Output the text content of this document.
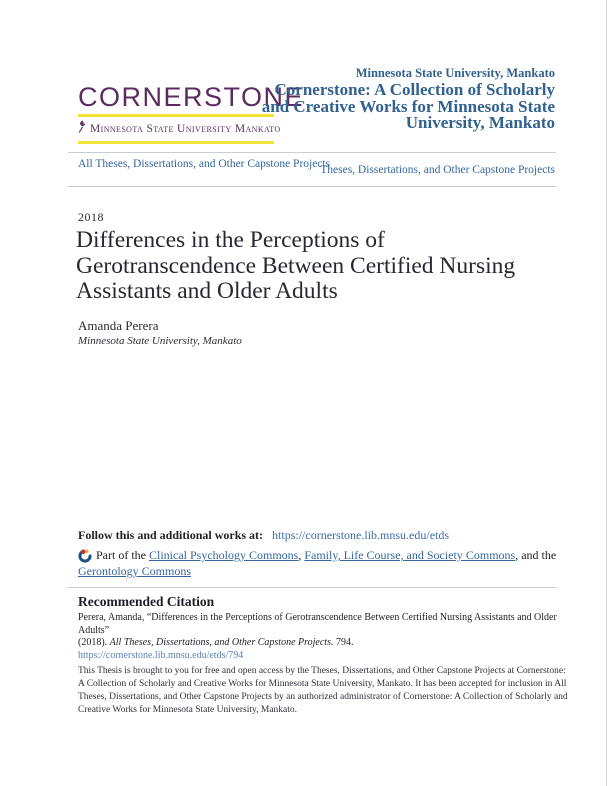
CORNERSTONE
Minnesota State University Mankato
Minnesota State University, Mankato
Cornerstone: A Collection of Scholarly and Creative Works for Minnesota State University, Mankato
All Theses, Dissertations, and Other Capstone Projects
Theses, Dissertations, and Other Capstone Projects
2018
Differences in the Perceptions of Gerotranscendence Between Certified Nursing Assistants and Older Adults
Amanda Perera
Minnesota State University, Mankato
Follow this and additional works at: https://cornerstone.lib.mnsu.edu/etds
Part of the Clinical Psychology Commons, Family, Life Course, and Society Commons, and the
Gerontology Commons
Recommended Citation
Perera, Amanda, “Differences in the Perceptions of Gerotranscendence Between Certified Nursing Assistants and Older Adults”
(2018). All Theses, Dissertations, and Other Capstone Projects. 794.
https://cornerstone.lib.mnsu.edu/etds/794
This Thesis is brought to you for free and open access by the Theses, Dissertations, and Other Capstone Projects at Cornerstone: A Collection of Scholarly and Creative Works for Minnesota State University, Mankato. It has been accepted for inclusion in All Theses, Dissertations, and Other Capstone Projects by an authorized administrator of Cornerstone: A Collection of Scholarly and Creative Works for Minnesota State University, Mankato.
